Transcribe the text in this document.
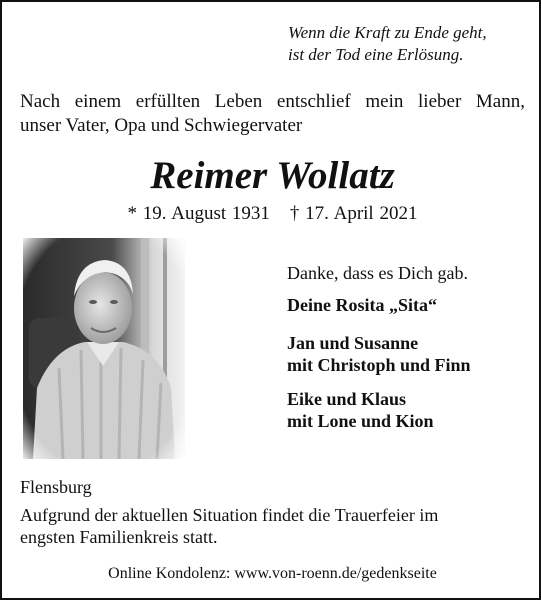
Wenn die Kraft zu Ende geht,
ist der Tod eine Erlösung.
Nach einem erfüllten Leben entschlief mein lieber Mann,
unser Vater, Opa und Schwiegervater
Reimer Wollatz
* 19. August 1931 † 17. April 2021
Danke, dass es Dich gab.
Deine Rosita „Sita“
Jan und Susanne
mit Christoph und Finn
Eike und Klaus
mit Lone und Kion
Flensburg
Aufgrund der aktuellen Situation findet die Trauerfeier im
engsten Familienkreis statt.
Online Kondolenz: www.von-roenn.de/gedenkseite
